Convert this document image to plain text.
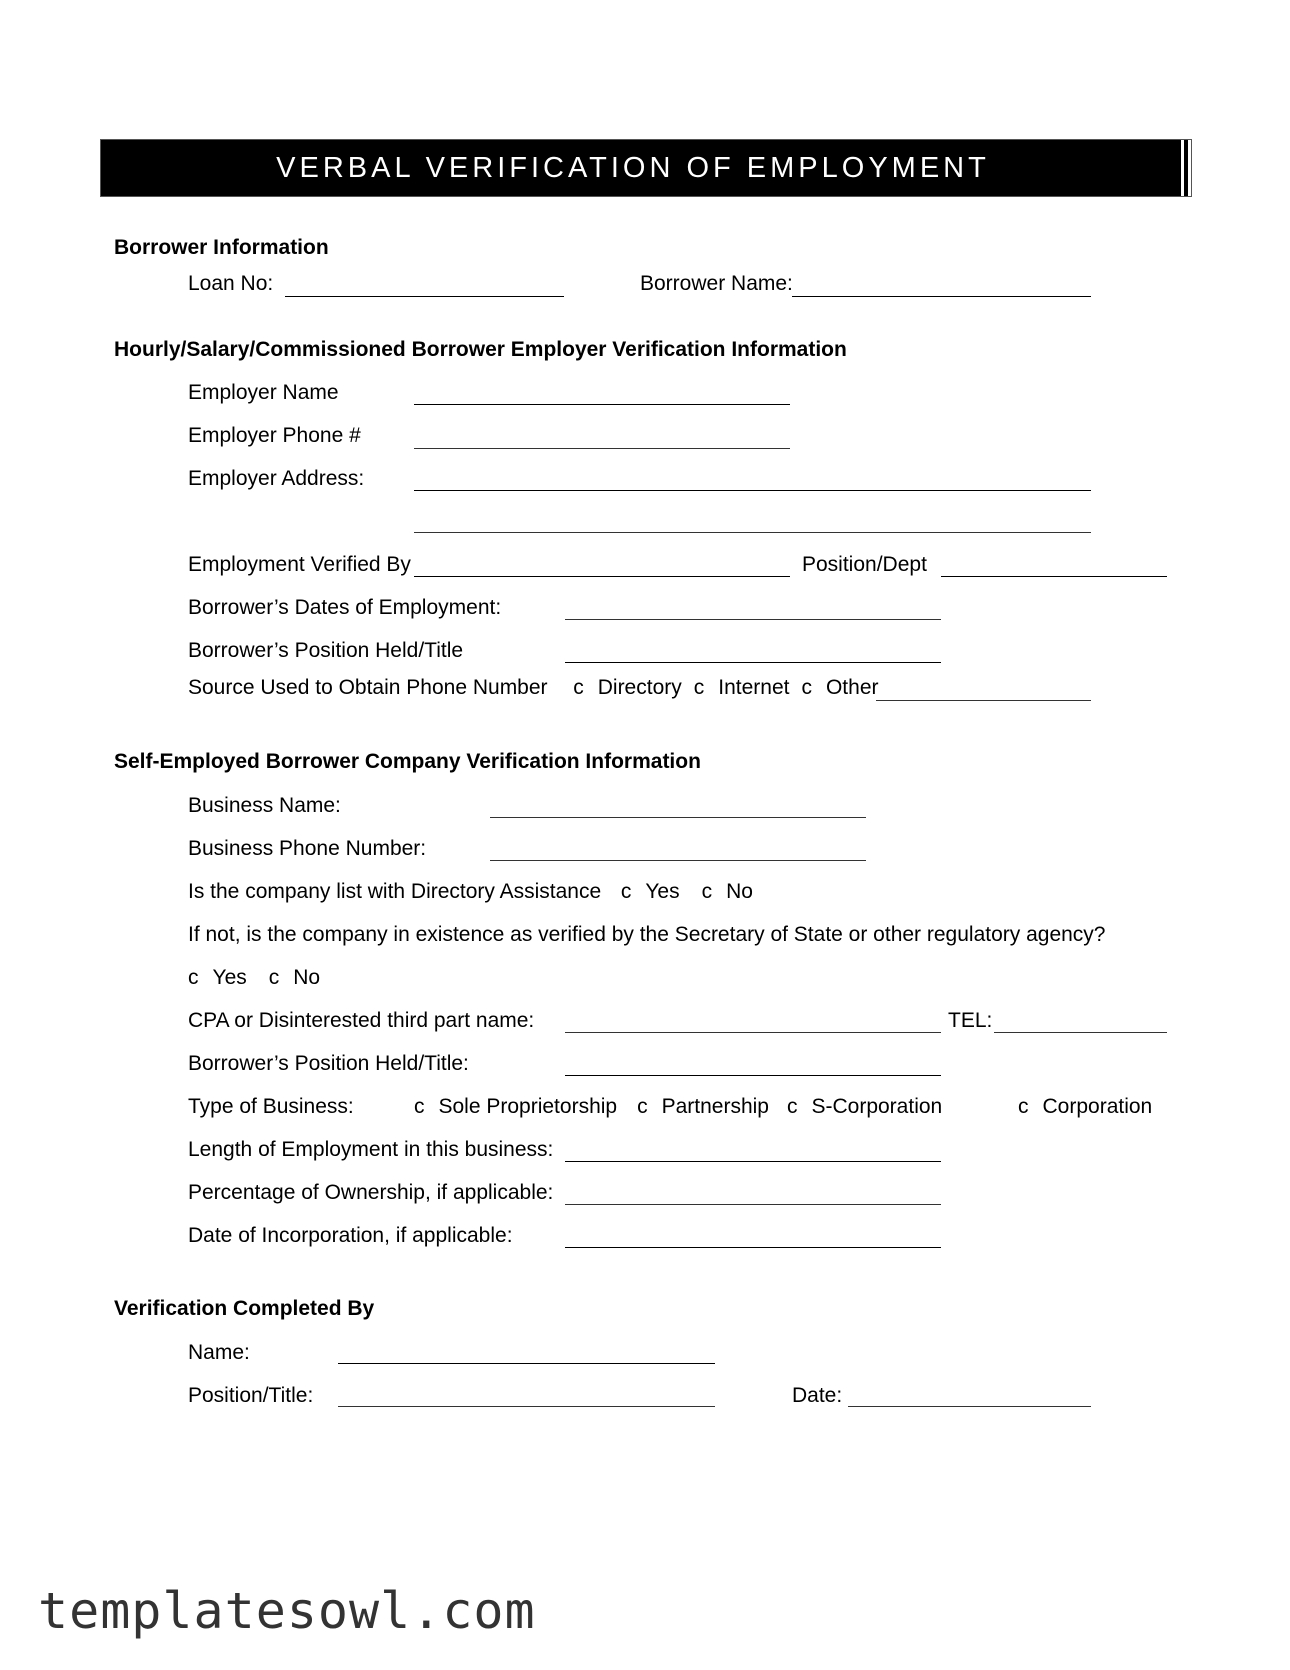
VERBAL VERIFICATION OF EMPLOYMENT
Borrower Information
Loan No:	Borrower Name:
Hourly/Salary/Commissioned Borrower Employer Verification Information
Employer Name
Employer Phone #
Employer Address:
Employment Verified By	Position/Dept
Borrower’s Dates of Employment:
Borrower’s Position Held/Title
Source Used to Obtain Phone Number c Directory c Internet c Other
Self-Employed Borrower Company Verification Information
Business Name:
Business Phone Number:
Is the company list with Directory Assistance c Yes c No
If not, is the company in existence as verified by the Secretary of State or other regulatory agency?
c Yes c No
CPA or Disinterested third part name:	TEL:
Borrower’s Position Held/Title:
Type of Business:	c Sole Proprietorship c Partnership c S-Corporation	c Corporation
Length of Employment in this business:
Percentage of Ownership, if applicable:
Date of Incorporation, if applicable:
Verification Completed By
Name:
Position/Title:	Date:
templatesowl.com
